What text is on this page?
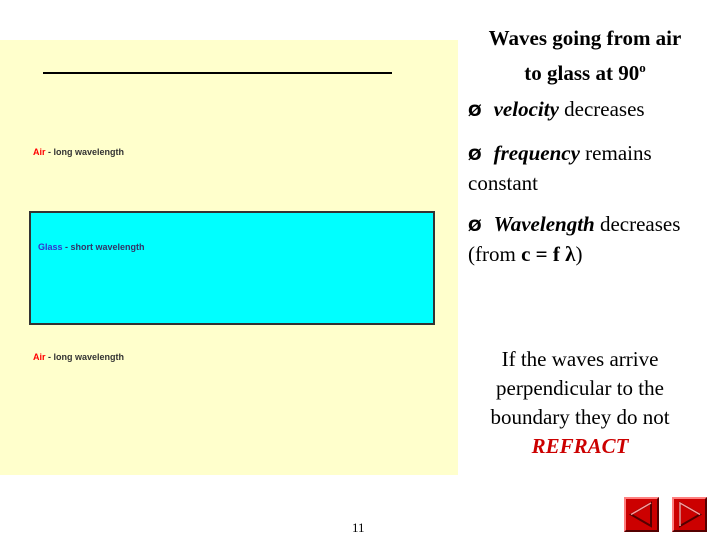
Air - long wavelength
Glass - short wavelength
Air - long wavelength
Waves going from air
to glass at 90$^o$
Ø velocity decreases
Ø frequency remains constant
Ø Wavelength decreases (from c = f λ)
If the waves arrive perpendicular to the boundary they do not
REFRACT
11
